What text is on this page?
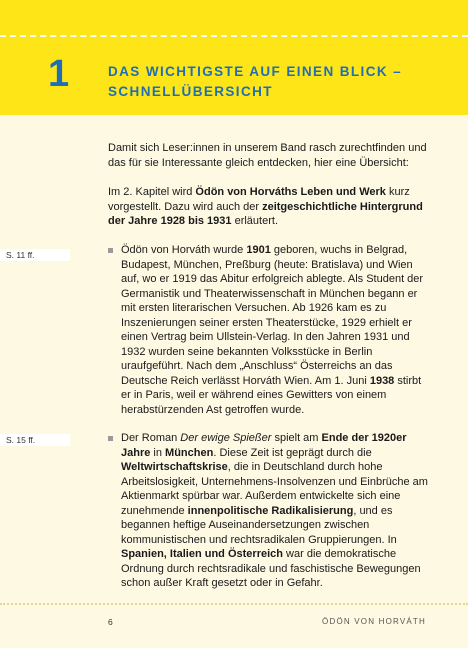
1	DAS WICHTIGSTE AUF EINEN BLICK –
SCHNELLÜBERSICHT
Damit sich Leser:innen in unserem Band rasch zurechtfinden und das für sie Interessante gleich entdecken, hier eine Übersicht:
Im 2. Kapitel wird Ödön von Horváths Leben und Werk kurz vorgestellt. Dazu wird auch der zeitgeschichtliche Hintergrund der Jahre 1928 bis 1931 erläutert.
S. 11 ff.	Ödön von Horváth wurde 1901 geboren, wuchs in Belgrad, Budapest, München, Preßburg (heute: Bratislava) und Wien auf, wo er 1919 das Abitur erfolgreich ablegte. Als Student der Germanistik und Theaterwissenschaft in München begann er mit ersten literarischen Versuchen. Ab 1926 kam es zu Inszenierungen seiner ersten Theaterstücke, 1929 erhielt er einen Vertrag beim Ullstein-Verlag. In den Jahren 1931 und 1932 wurden seine bekannten Volksstücke in Berlin uraufgeführt. Nach dem „Anschluss“ Österreichs an das Deutsche Reich verlässt Horváth Wien. Am 1. Juni 1938 stirbt er in Paris, weil er während eines Gewitters von einem herabstürzenden Ast getroffen wurde.
S. 15 ff.	Der Roman Der ewige Spießer spielt am Ende der 1920er Jahre in München. Diese Zeit ist geprägt durch die Weltwirtschaftskrise, die in Deutschland durch hohe Arbeitslosigkeit, Unternehmens-Insolvenzen und Einbrüche am Aktienmarkt spürbar war. Außerdem entwickelte sich eine zunehmende innenpolitische Radikalisierung, und es begannen heftige Auseinandersetzungen zwischen kommunistischen und rechtsradikalen Gruppierungen. In Spanien, Italien und Österreich war die demokratische Ordnung durch rechtsradikale und faschistische Bewegungen schon außer Kraft gesetzt oder in Gefahr.
6	ÖDÖN VON HORVÁTH
